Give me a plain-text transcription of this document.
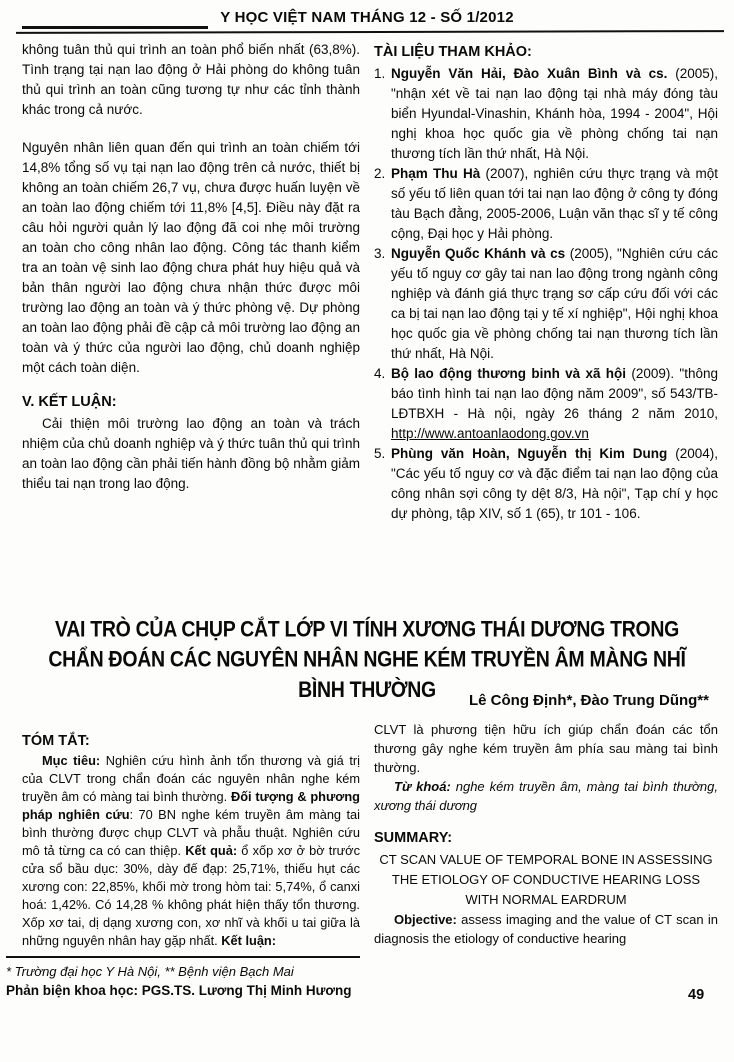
Y HỌC VIỆT NAM THÁNG 12 - SỐ 1/2012

không tuân thủ qui trình an toàn phổ biến nhất (63,8%). Tình trạng tại nạn lao động ở Hải phòng do không tuân thủ qui trình an toàn cũng tương tự như các tỉnh thành khác trong cả nước.

Nguyên nhân liên quan đến qui trình an toàn chiếm tới 14,8% tổng số vụ tại nạn lao động trên cả nước, thiết bị không an toàn chiếm 26,7 vụ, chưa được huấn luyện về an toàn lao động chiếm tới 11,8% [4,5]. Điều này đặt ra câu hỏi người quản lý lao động đã coi nhẹ môi trường an toàn cho công nhân lao động. Công tác thanh kiểm tra an toàn vệ sinh lao động chưa phát huy hiệu quả và bản thân người lao động chưa nhận thức được môi trường lao động an toàn và ý thức phòng vệ. Dự phòng an toàn lao động phải đề cập cả môi trường lao động an toàn và ý thức của người lao động, chủ doanh nghiệp một cách toàn diện.

V. KẾT LUẬN:

Cải thiện môi trường lao động an toàn và trách nhiệm của chủ doanh nghiệp và ý thức tuân thủ qui trình an toàn lao động cần phải tiến hành đồng bộ nhằm giảm thiểu tai nạn trong lao động.

TÀI LIỆU THAM KHẢO:
1. Nguyễn Văn Hải, Đào Xuân Bình và cs. (2005), "nhận xét về tai nạn lao động tại nhà máy đóng tàu biển Hyundal-Vinashin, Khánh hòa, 1994 - 2004", Hội nghị khoa học quốc gia về phòng chống tai nạn thương tích lần thứ nhất, Hà Nội.
2. Phạm Thu Hà (2007), nghiên cứu thực trạng và một số yếu tố liên quan tới tai nạn lao động ở công ty đóng tàu Bạch đằng, 2005-2006, Luận văn thạc sĩ y tế công cộng, Đại học y Hải phòng.
3. Nguyễn Quốc Khánh và cs (2005), "Nghiên cứu các yếu tố nguy cơ gây tai nan lao động trong ngành công nghiệp và đánh giá thực trạng sơ cấp cứu đối với các ca bị tai nạn lao động tại y tế xí nghiệp", Hội nghị khoa học quốc gia về phòng chống tai nạn thương tích lần thứ nhất, Hà Nội.
4. Bộ lao động thương binh và xã hội (2009). "thông báo tình hình tai nạn lao động năm 2009", số 543/TB-LĐTBXH - Hà nội, ngày 26 tháng 2 năm 2010, http://www.antoanlaodong.gov.vn
5. Phùng văn Hoàn, Nguyễn thị Kim Dung (2004), "Các yếu tố nguy cơ và đặc điểm tai nạn lao động của công nhân sợi công ty dệt 8/3, Hà nội", Tạp chí y học dự phòng, tập XIV, số 1 (65), tr 101 - 106.
VAI TRÒ CỦA CHỤP CẮT LỚP VI TÍNH XƯƠNG THÁI DƯƠNG TRONG CHẨN ĐOÁN CÁC NGUYÊN NHÂN NGHE KÉM TRUYỀN ÂM MÀNG NHĨ BÌNH THƯỜNG	Lê Công Định*, Đào Trung Dũng**
TÓM TẮT:

Mục tiêu: Nghiên cứu hình ảnh tổn thương và giá trị của CLVT trong chẩn đoán các nguyên nhân nghe kém truyền âm có màng tai bình thường. Đối tượng & phương pháp nghiên cứu: 70 BN nghe kém truyền âm màng tai bình thường được chụp CLVT và phẫu thuật. Nghiên cứu mô tả từng ca có can thiệp. Kết quả: ổ xốp xơ ở bờ trước cửa sổ bầu dục: 30%, dày đế đạp: 25,71%, thiếu hụt các xương con: 22,85%, khối mờ trong hòm tai: 5,74%, ổ canxi hoá: 1,42%. Có 14,28 % không phát hiện thấy tổn thương. Xốp xơ tai, dị dạng xương con, xơ nhĩ và khối u tai giữa là những nguyên nhân hay gặp nhất. Kết luận:

* Trường đại học Y Hà Nội, ** Bệnh viện Bạch Mai
Phản biện khoa học: PGS.TS. Lương Thị Minh Hương

CLVT là phương tiện hữu ích giúp chẩn đoán các tổn thương gây nghe kém truyền âm phía sau màng tai bình thường.

Từ khoá: nghe kém truyền âm, màng tai bình thường, xương thái dương

SUMMARY:
CT SCAN VALUE OF TEMPORAL BONE IN ASSESSING THE ETIOLOGY OF CONDUCTIVE HEARING LOSS WITH NORMAL EARDRUM

Objective: assess imaging and the value of CT scan in diagnosis the etiology of conductive hearing

49
